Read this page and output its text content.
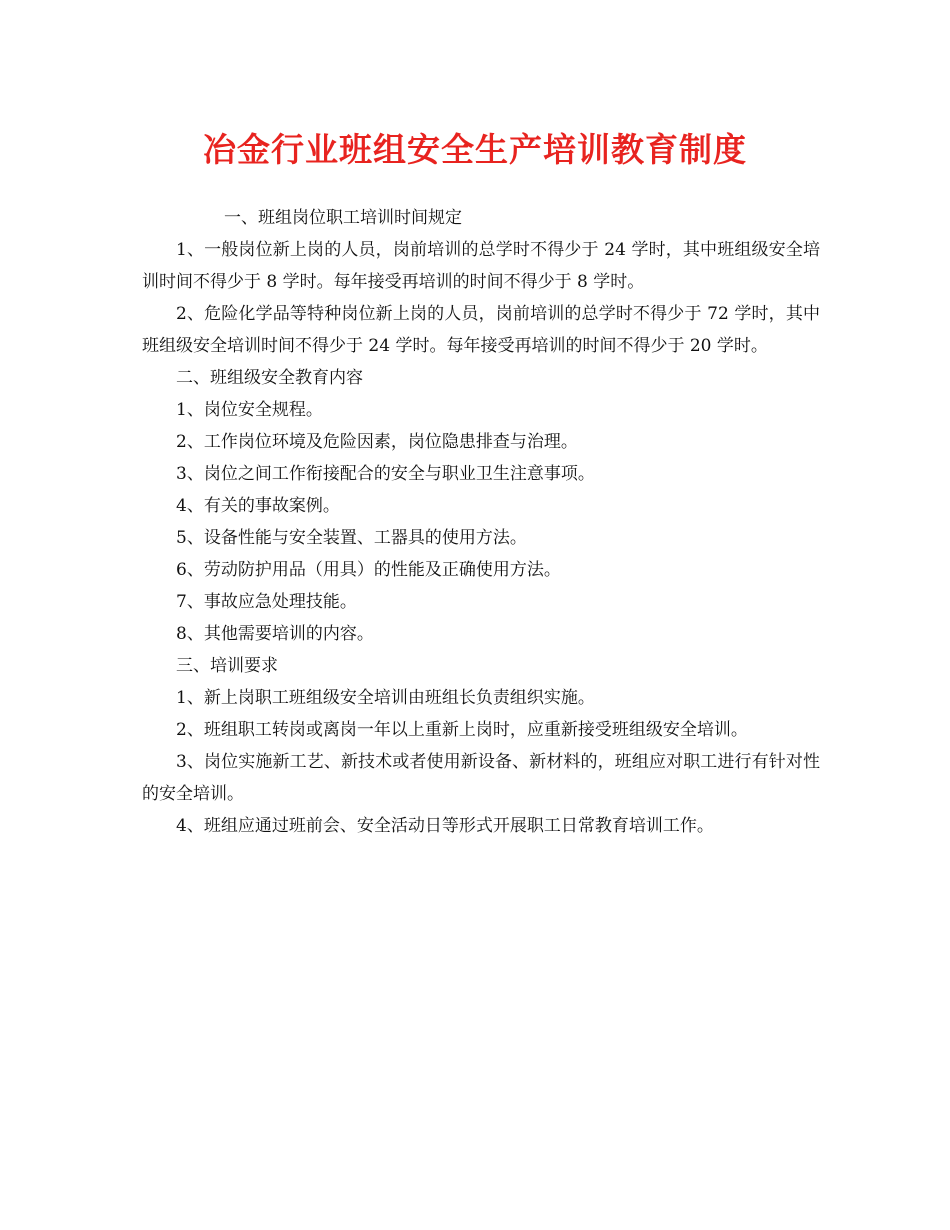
冶金行业班组安全生产培训教育制度

一、班组岗位职工培训时间规定

1、一般岗位新上岗的人员，岗前培训的总学时不得少于 24 学时，其中班组级安全培训时间不得少于 8 学时。每年接受再培训的时间不得少于 8 学时。

2、危险化学品等特种岗位新上岗的人员，岗前培训的总学时不得少于 72 学时，其中班组级安全培训时间不得少于 24 学时。每年接受再培训的时间不得少于 20 学时。

二、班组级安全教育内容

1、岗位安全规程。

2、工作岗位环境及危险因素，岗位隐患排查与治理。

3、岗位之间工作衔接配合的安全与职业卫生注意事项。

4、有关的事故案例。

5、设备性能与安全装置、工器具的使用方法。

6、劳动防护用品（用具）的性能及正确使用方法。

7、事故应急处理技能。

8、其他需要培训的内容。

三、培训要求

1、新上岗职工班组级安全培训由班组长负责组织实施。

2、班组职工转岗或离岗一年以上重新上岗时，应重新接受班组级安全培训。

3、岗位实施新工艺、新技术或者使用新设备、新材料的，班组应对职工进行有针对性的安全培训。

4、班组应通过班前会、安全活动日等形式开展职工日常教育培训工作。
